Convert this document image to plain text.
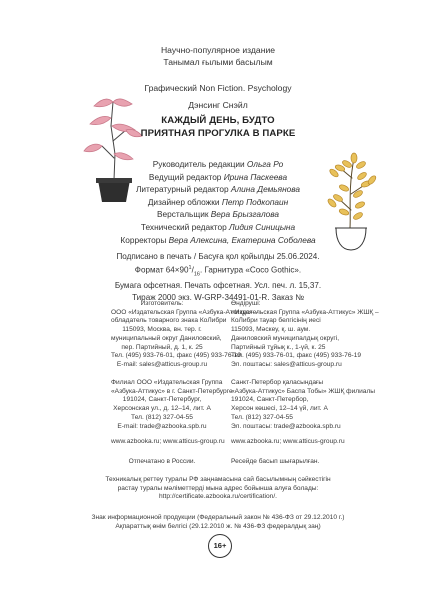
Научно-популярное издание
Танымал ғылыми басылым
Графический Non Fiction. Psychology
Дэнсинг Снэйл
КАЖДЫЙ ДЕНЬ, БУДТО
ПРИЯТНАЯ ПРОГУЛКА В ПАРКЕ
Руководитель редакции Ольга Ро
Ведущий редактор Ирина Паскеева
Литературный редактор Алина Демьянова
Дизайнер обложки Петр Подкопаин
Верстальщик Вера Брызгалова
Технический редактор Лидия Синицына
Корректоры Вера Алексина, Екатерина Соболева
Подписано в печать / Басуға қол қойылды 25.06.2024.
Формат $64\times 90^1/_{16}$. Гарнитура «Coco Gothic».
Бумага офсетная. Печать офсетная. Усл. печ. л. 15,37.
Тираж 2000 экз. W-GRP-34491-01-R. Заказ №
Изготовитель:
ООО «Издательская Группа «Азбука-Аттикус» –
обладатель товарного знака КоЛибри
115093, Москва, вн. тер. г.
муниципальный округ Даниловский,
пер. Партийный, д. 1, к. 25
Тел. (495) 933-76-01, факс (495) 933-76-19
E-mail: sales@atticus-group.ru
Өндіруші:
«Издательская Группа «Азбука-Аттикус» ЖШҚ –
КоЛибри тауар белгісінің иесі
115093, Мәскеу, қ. ш. аум.
Даниловский муниципалдық округі,
Партийный тұйық к., 1-үй, к. 25
Тел. (495) 933-76-01, факс (495) 933-76-19
Эл. поштасы: sales@atticus-group.ru
Филиал ООО «Издательская Группа
«Азбука-Аттикус» в г. Санкт-Петербурге
191024, Санкт-Петербург,
Херсонская ул., д. 12–14, лит. А
Тел. (812) 327-04-55
E-mail: trade@azbooka.spb.ru
Санкт-Петербор қаласындағы
«Азбука-Аттикус» Баспа Тобы» ЖШҚ филиалы
191024, Санкт-Петербор,
Херсон көшесі, 12–14 үй, лит. А
Тел. (812) 327-04-55
Эл. поштасы: trade@azbooka.spb.ru
www.azbooka.ru; www.atticus-group.ru www.azbooka.ru; www.atticus-group.ru
Отпечатано в России.	Ресейде басып шығарылған.
Техникалық реттеу туралы РФ заңнамасына сай басылымның сәйкестігін
растау туралы мәліметтерді мына адрес бойынша алуға болады:
http://certificate.azbooka.ru/certification/.
Знак информационной продукции (Федеральный закон № 436-ФЗ от 29.12.2010 г.)
Ақпараттық өнім белгісі (29.12.2010 ж. № 436-ФЗ федералдық заң)
16+
